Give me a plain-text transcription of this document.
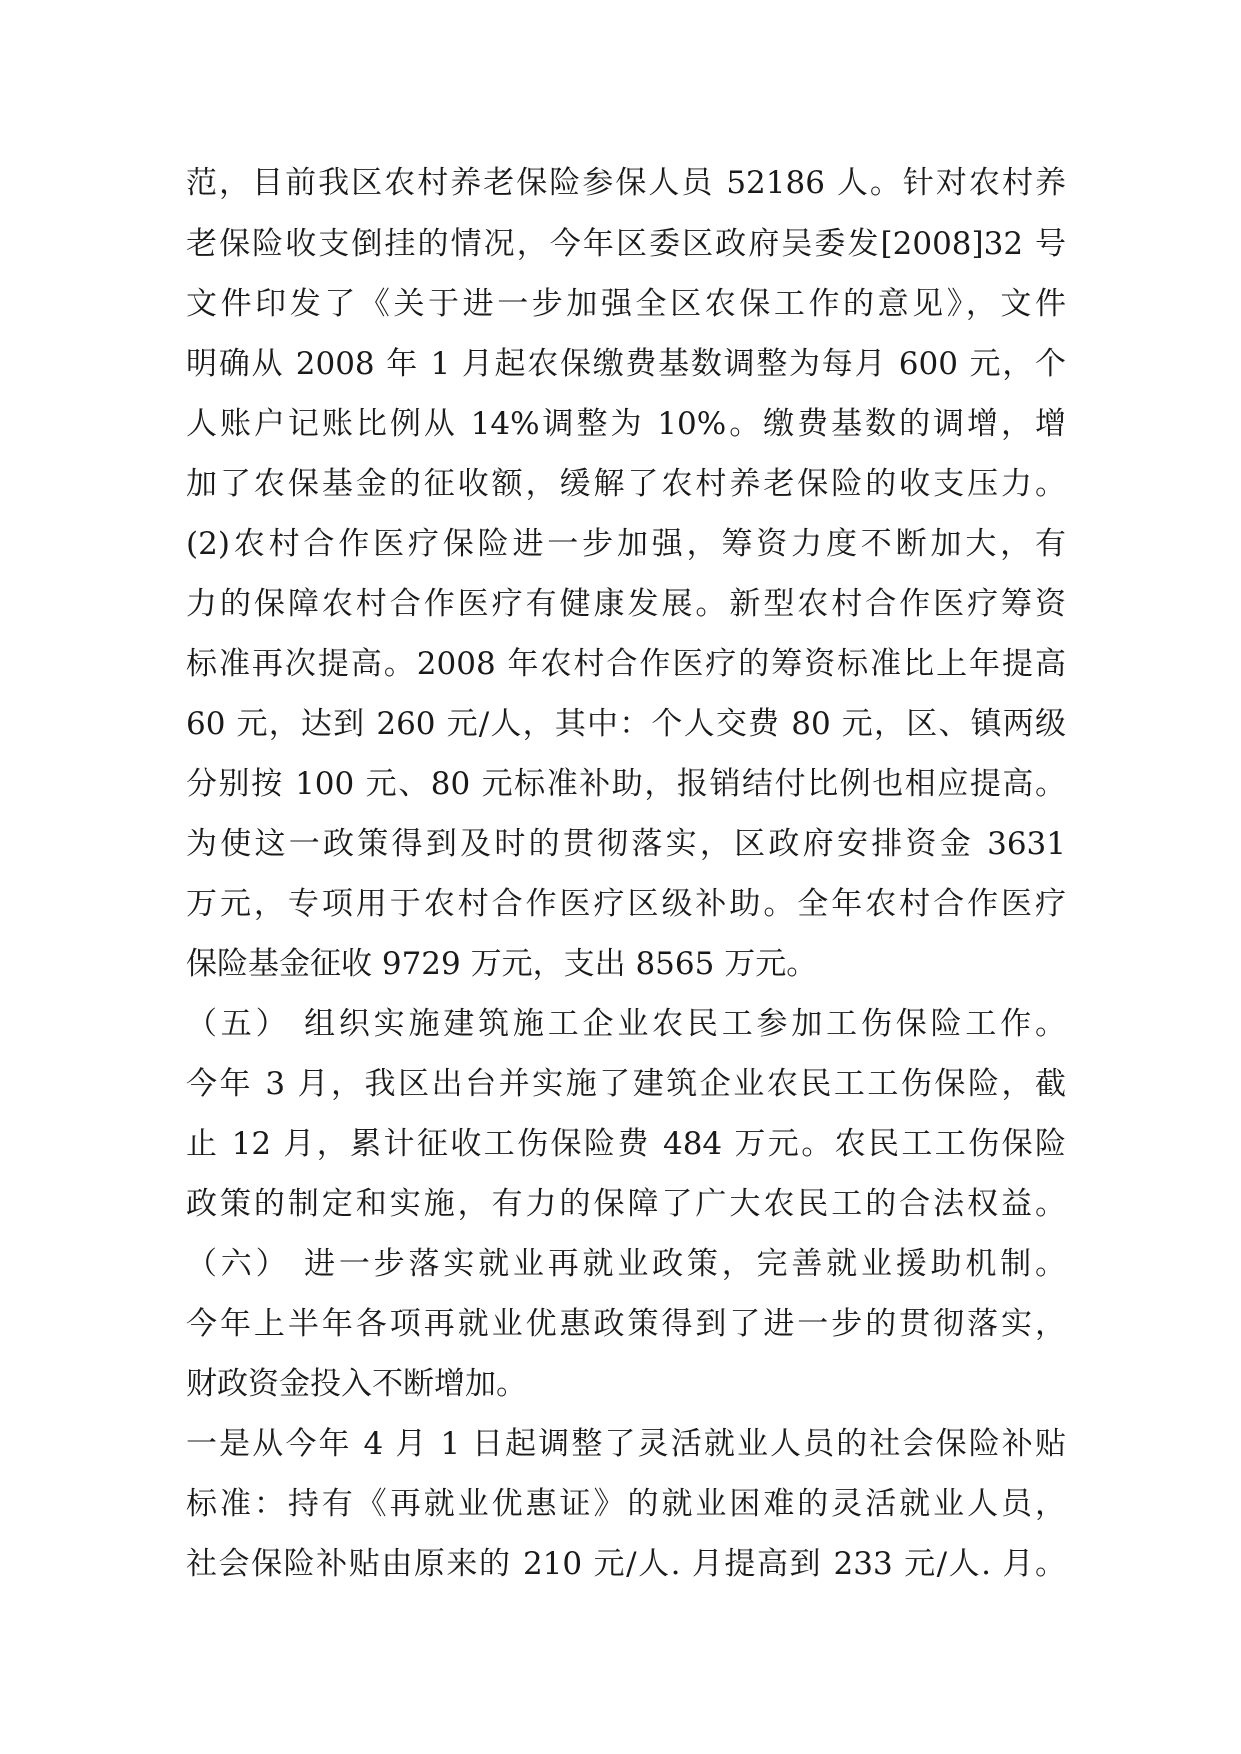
范，目前我区农村养老保险参保人员 52186 人。针对农村养
老保险收支倒挂的情况，今年区委区政府吴委发[2008]32 号
文件印发了《关于进一步加强全区农保工作的意见》，文件
明确从 2008 年 1 月起农保缴费基数调整为每月 600 元，个
人账户记账比例从 14%调整为 10%。缴费基数的调增，增
加了农保基金的征收额，缓解了农村养老保险的收支压力。
(2)农村合作医疗保险进一步加强，筹资力度不断加大，有
力的保障农村合作医疗有健康发展。新型农村合作医疗筹资
标准再次提高。2008 年农村合作医疗的筹资标准比上年提高
60 元，达到 260 元/人，其中：个人交费 80 元，区、镇两级
分别按 100 元、80 元标准补助，报销结付比例也相应提高。
为使这一政策得到及时的贯彻落实，区政府安排资金 3631
万元，专项用于农村合作医疗区级补助。全年农村合作医疗
保险基金征收 9729 万元，支出 8565 万元。
（五） 组织实施建筑施工企业农民工参加工伤保险工作。
今年 3 月，我区出台并实施了建筑企业农民工工伤保险，截
止 12 月，累计征收工伤保险费 484 万元。农民工工伤保险
政策的制定和实施，有力的保障了广大农民工的合法权益。
（六） 进一步落实就业再就业政策，完善就业援助机制。
今年上半年各项再就业优惠政策得到了进一步的贯彻落实，
财政资金投入不断增加。
一是从今年 4 月 1 日起调整了灵活就业人员的社会保险补贴
标准：持有《再就业优惠证》的就业困难的灵活就业人员，
社会保险补贴由原来的 210 元/人. 月提高到 233 元/人. 月。
